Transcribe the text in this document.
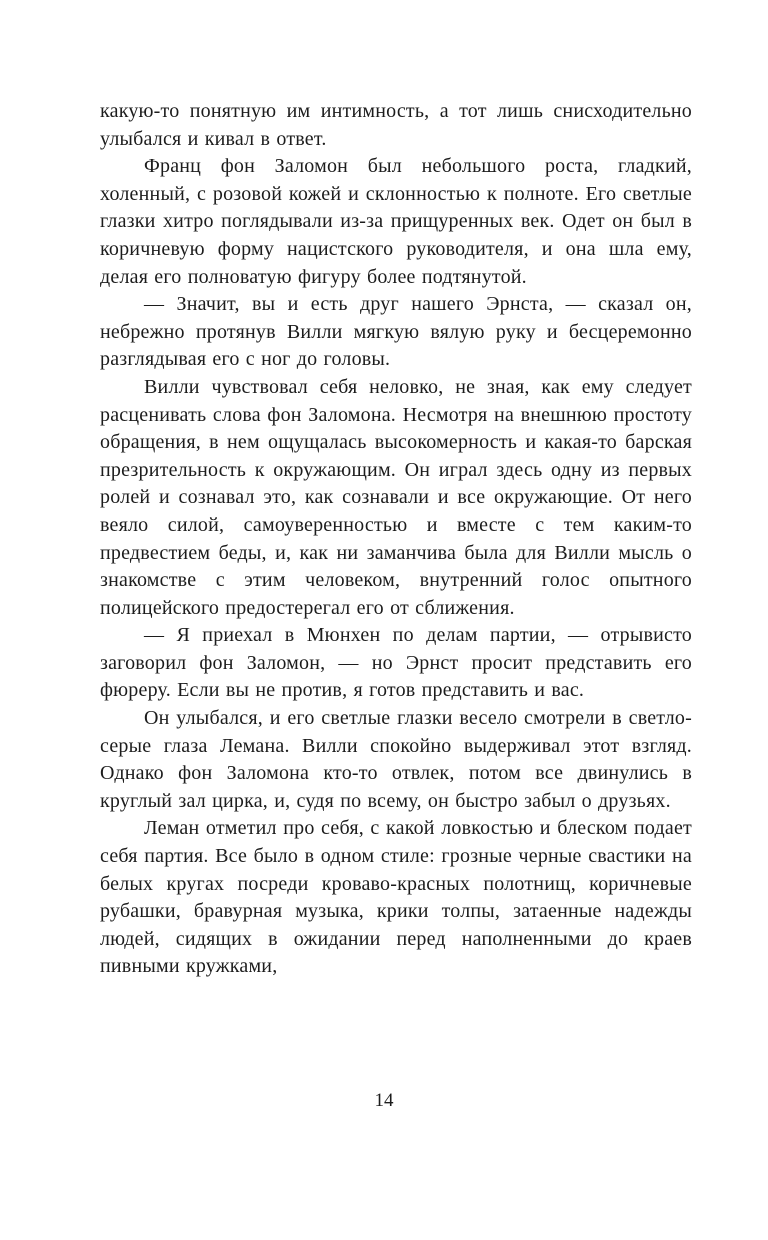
какую-то понятную им интимность, а тот лишь снисходительно улыбался и кивал в ответ.

Франц фон Заломон был небольшого роста, гладкий, холенный, с розовой кожей и склонностью к полноте. Его светлые глазки хитро поглядывали из-за прищуренных век. Одет он был в коричневую форму нацистского руководителя, и она шла ему, делая его полноватую фигуру более подтянутой.

— Значит, вы и есть друг нашего Эрнста, — сказал он, небрежно протянув Вилли мягкую вялую руку и бесцеремонно разглядывая его с ног до головы.

Вилли чувствовал себя неловко, не зная, как ему следует расценивать слова фон Заломона. Несмотря на внешнюю простоту обращения, в нем ощущалась высокомерность и какая-то барская презрительность к окружающим. Он играл здесь одну из первых ролей и сознавал это, как сознавали и все окружающие. От него веяло силой, самоуверенностью и вместе с тем каким-то предвестием беды, и, как ни заманчива была для Вилли мысль о знакомстве с этим человеком, внутренний голос опытного полицейского предостерегал его от сближения.

— Я приехал в Мюнхен по делам партии, — отрывисто заговорил фон Заломон, — но Эрнст просит представить его фюреру. Если вы не против, я готов представить и вас.

Он улыбался, и его светлые глазки весело смотрели в светло-серые глаза Лемана. Вилли спокойно выдерживал этот взгляд. Однако фон Заломона кто-то отвлек, потом все двинулись в круглый зал цирка, и, судя по всему, он быстро забыл о друзьях.

Леман отметил про себя, с какой ловкостью и блеском подает себя партия. Все было в одном стиле: грозные черные свастики на белых кругах посреди кроваво-красных полотнищ, коричневые рубашки, бравурная музыка, крики толпы, затаенные надежды людей, сидящих в ожидании перед наполненными до краев пивными кружками,

14
